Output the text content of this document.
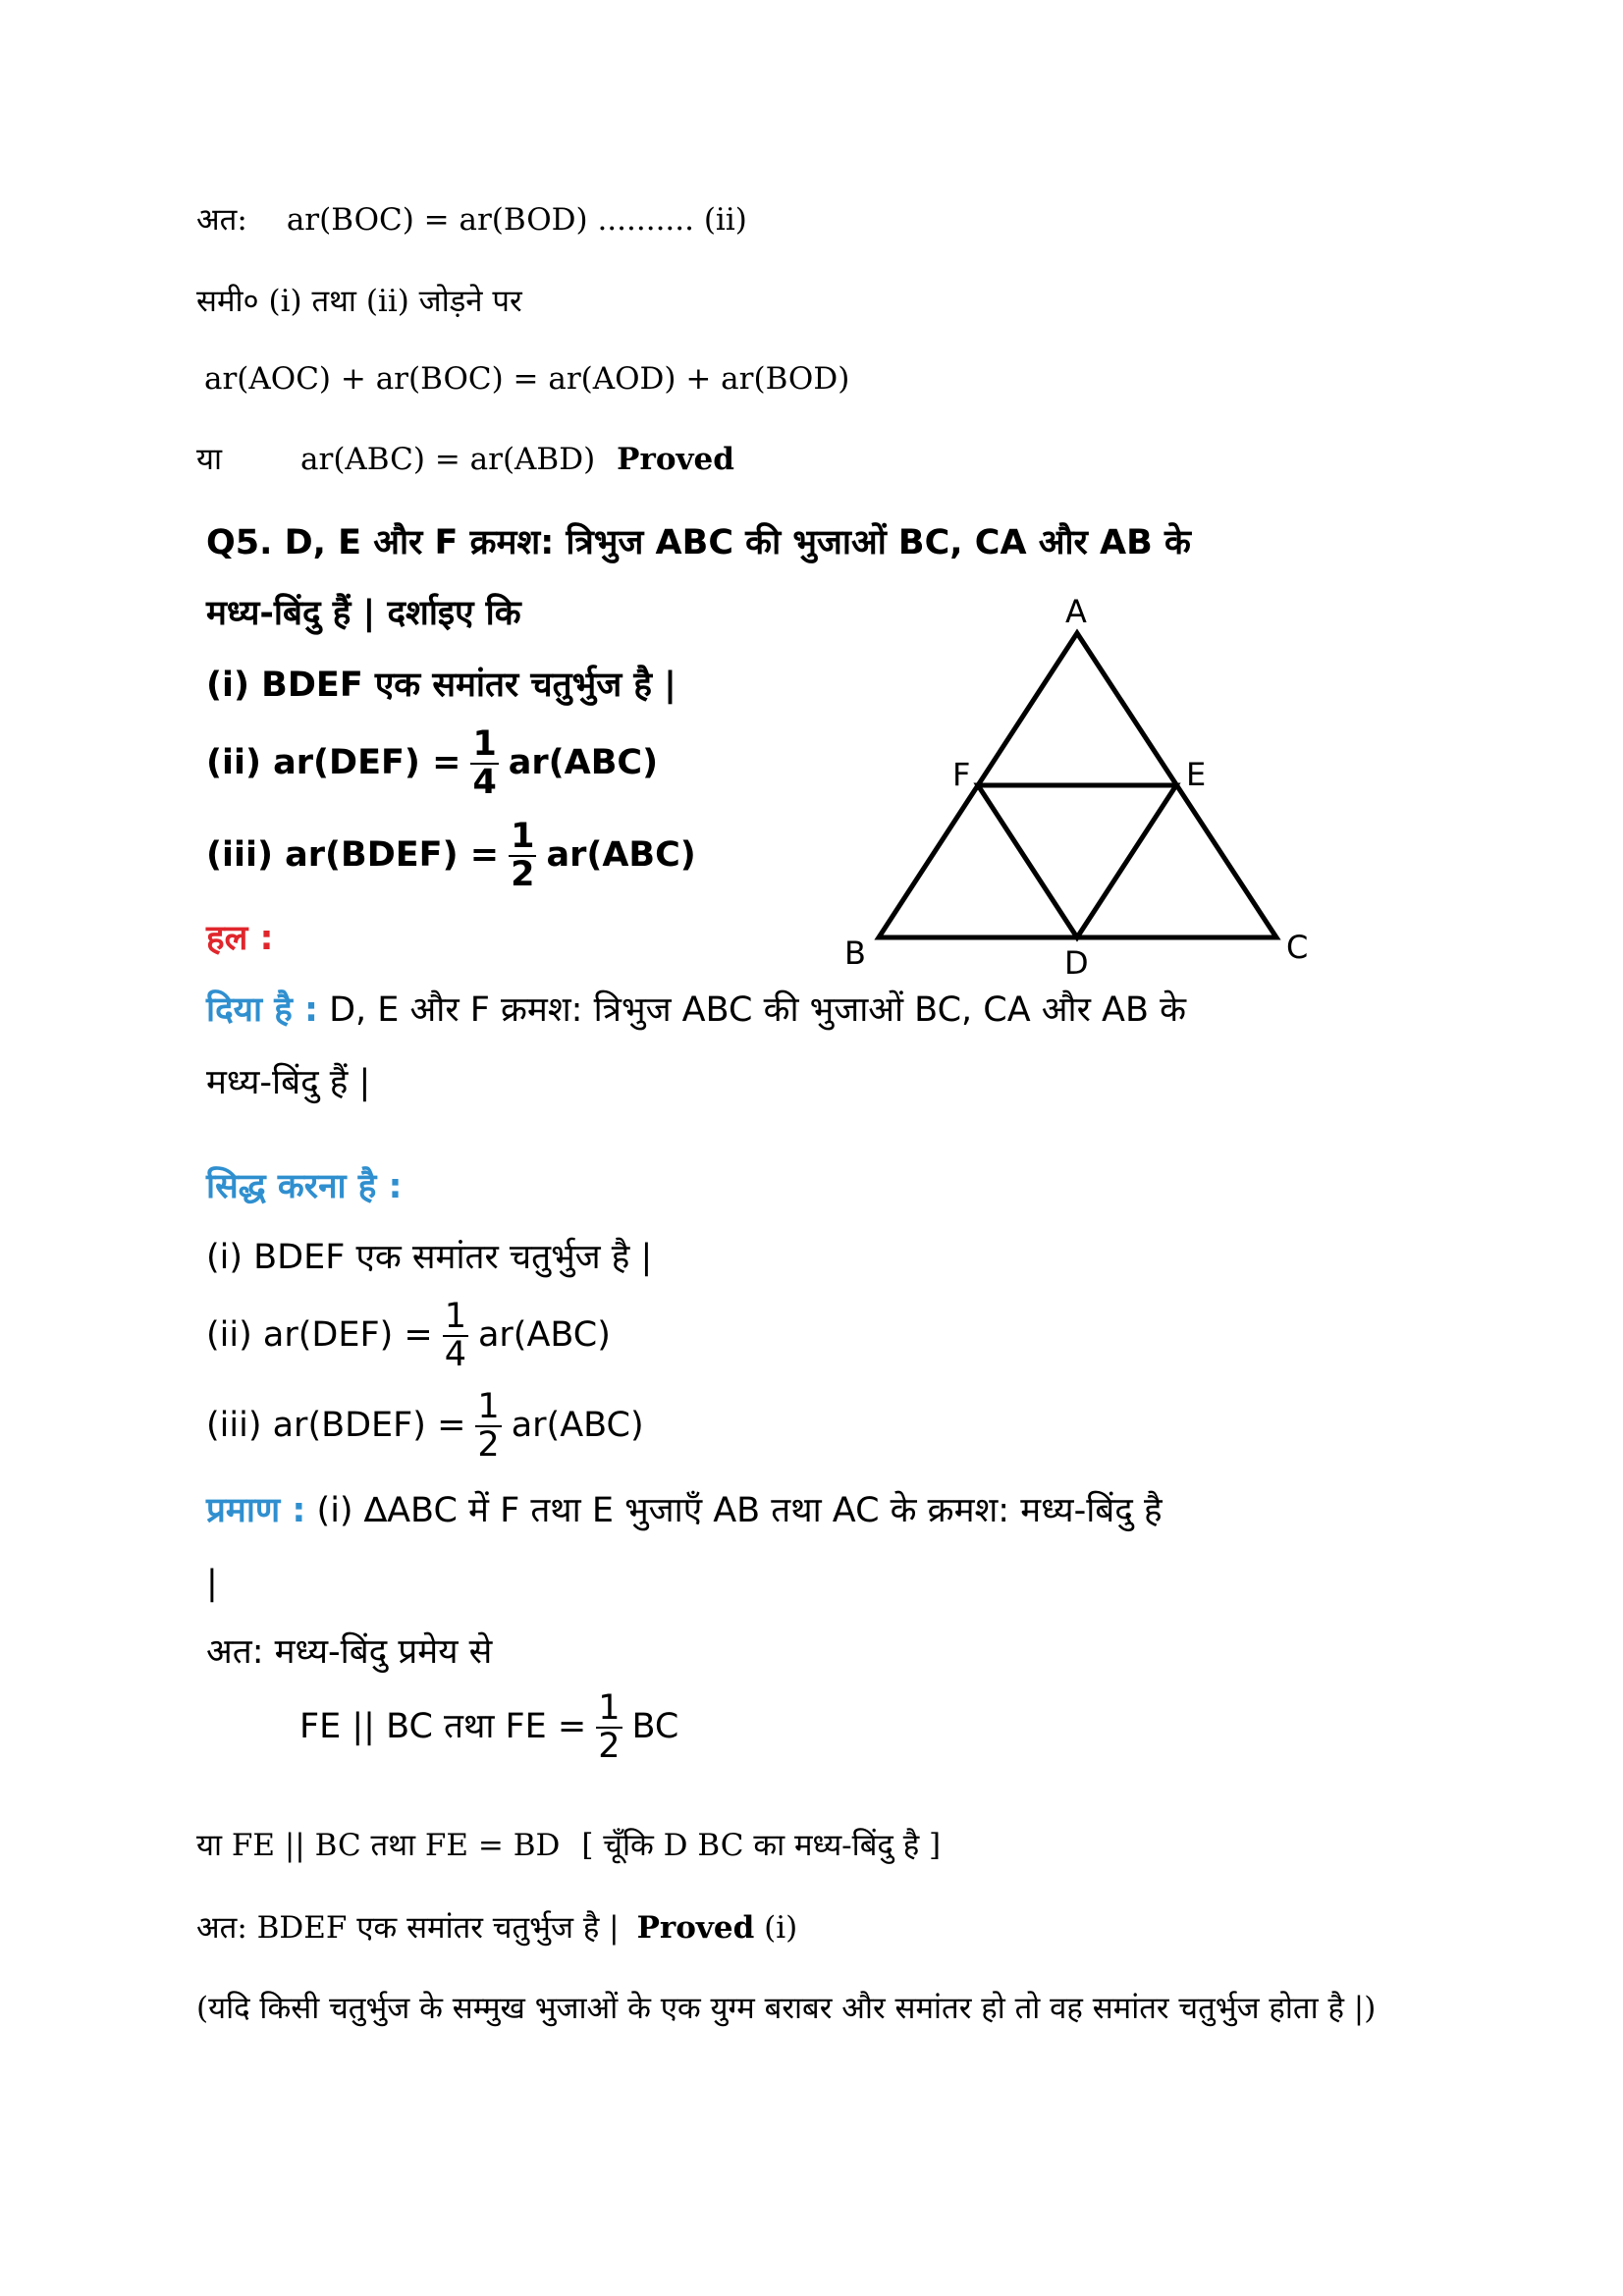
अत: ar(BOC) = ar(BOD) .......... (ii)
समी० (i) तथा (ii) जोड़ने पर
ar(AOC) + ar(BOC) = ar(AOD) + ar(BOD)
या	ar(ABC) = ar(ABD) Proved
Q5. D, E और F क्रमश: त्रिभुज ABC की भुजाओं BC, CA और AB के
मध्य-बिंदु हैं | दर्शाइए कि
(i) BDEF एक समांतर चतुर्भुज है |
(ii) $ar(DEF) = \frac{1}{4} ar(ABC)$
(iii) ar(BDEF) = $\frac{1}{2} ar(ABC)$
A
F	E
B	D	C
हल :
दिया है : D, E और F क्रमश: त्रिभुज ABC की भुजाओं BC, CA और AB के
मध्य-बिंदु हैं |
सिद्ध करना है :
(i) BDEF एक समांतर चतुर्भुज है |
(ii) $ar(DEF) = \frac{1}{4} ar(ABC)$
(iii) ar(BDEF) = $\frac{1}{2} ar(ABC)$
प्रमाण : (i) ∆ABC में F तथा E भुजाएँ AB तथा AC के क्रमश: मध्य-बिंदु है
|
अत: मध्य-बिंदु प्रमेय से
FE || BC तथा FE = $\frac{1}{2}$ BC
या FE || BC तथा FE = BD [ चूँकि D BC का मध्य-बिंदु है ]
अत: BDEF एक समांतर चतुर्भुज है | Proved (i)
(यदि किसी चतुर्भुज के सम्मुख भुजाओं के एक युग्म बराबर और समांतर हो तो वह समांतर चतुर्भुज होता है |)
